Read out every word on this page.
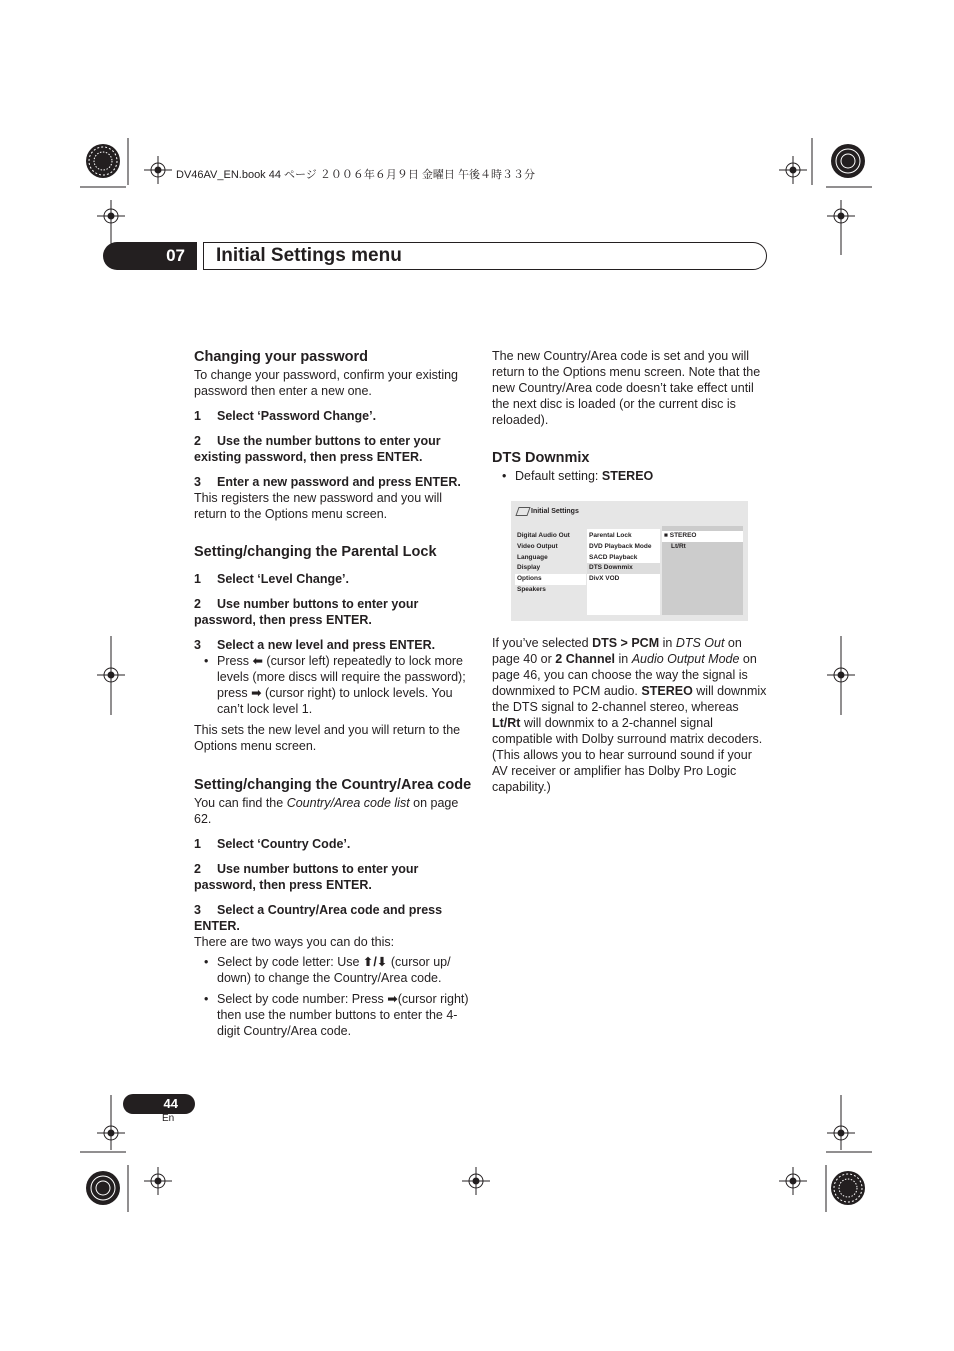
DV46AV_EN.book 44 ページ ２００６年６月９日 金曜日 午後４時３３分
07	Initial Settings menu

Changing your password

To change your password, confirm your existing password then enter a new one.

1 Select ‘Password Change’.

2 Use the number buttons to enter your existing password, then press ENTER.

3 Enter a new password and press ENTER.

This registers the new password and you will return to the Options menu screen.

Setting/changing the Parental Lock

1 Select ‘Level Change’.

2 Use number buttons to enter your password, then press ENTER.

3 Select a new level and press ENTER.

• Press ⬅ (cursor left) repeatedly to lock more levels (more discs will require the password); press ➡ (cursor right) to unlock levels. You can’t lock level 1.

This sets the new level and you will return to the Options menu screen.

Setting/changing the Country/Area code

You can find the Country/Area code list on page 62.

1 Select ‘Country Code’.

2 Use number buttons to enter your password, then press ENTER.

3 Select a Country/Area code and press ENTER.

There are two ways you can do this:

• Select by code letter: Use ⬆/⬇ (cursor up/ down) to change the Country/Area code.
• Select by code number: Press ➡(cursor right) then use the number buttons to enter the 4-digit Country/Area code.

The new Country/Area code is set and you will return to the Options menu screen. Note that the new Country/Area code doesn’t take effect until the next disc is loaded (or the current disc is reloaded).

DTS Downmix

• Default setting: STEREO
Initial Settings
Digital Audio Out
Video Output
Language
Display
Options
Speakers
Parental Lock
DVD Playback Mode
SACD Playback
DTS Downmix
DivX VOD
■ STEREO
Lt/Rt

If you’ve selected DTS > PCM in DTS Out on page 40 or 2 Channel in Audio Output Mode on page 46, you can choose the way the signal is downmixed to PCM audio. STEREO will downmix the DTS signal to 2-channel stereo, whereas Lt/Rt will downmix to a 2-channel signal compatible with Dolby surround matrix decoders. (This allows you to hear surround sound if your AV receiver or amplifier has Dolby Pro Logic capability.)

44
En
